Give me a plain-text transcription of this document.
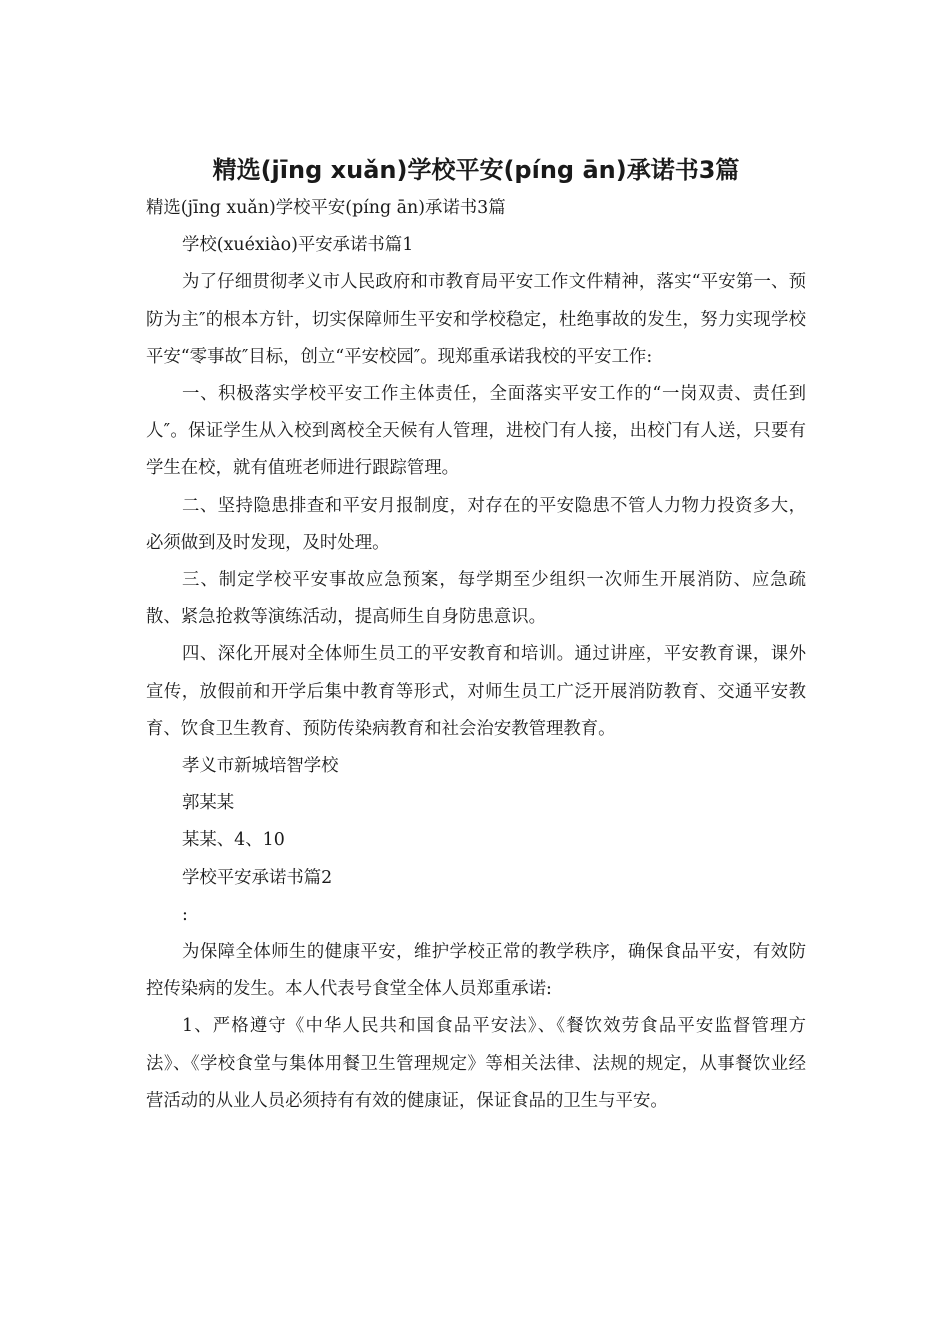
精选(jīng xuǎn)学校平安(píng ān)承诺书3篇

精选(jīng xuǎn)学校平安(píng ān)承诺书3篇

学校(xuéxiào)平安承诺书篇1

为了仔细贯彻孝义市人民政府和市教育局平安工作文件精神，落实“平安第一、预防为主″的根本方针，切实保障师生平安和学校稳定，杜绝事故的发生，努力实现学校平安“零事故″目标，创立“平安校园″。现郑重承诺我校的平安工作:

一、积极落实学校平安工作主体责任，全面落实平安工作的“一岗双责、责任到人″。保证学生从入校到离校全天候有人管理，进校门有人接，出校门有人送，只要有学生在校，就有值班老师进行跟踪管理。

二、坚持隐患排查和平安月报制度，对存在的平安隐患不管人力物力投资多大，必须做到及时发现，及时处理。

三、制定学校平安事故应急预案，每学期至少组织一次师生开展消防、应急疏散、紧急抢救等演练活动，提高师生自身防患意识。

四、深化开展对全体师生员工的平安教育和培训。通过讲座，平安教育课，课外宣传，放假前和开学后集中教育等形式，对师生员工广泛开展消防教育、交通平安教育、饮食卫生教育、预防传染病教育和社会治安教管理教育。

孝义市新城培智学校

郭某某

某某、4、10

学校平安承诺书篇2

:

为保障全体师生的健康平安，维护学校正常的教学秩序，确保食品平安，有效防控传染病的发生。本人代表号食堂全体人员郑重承诺:

1、严格遵守《中华人民共和国食品平安法》、《餐饮效劳食品平安监督管理方法》、《学校食堂与集体用餐卫生管理规定》等相关法律、法规的规定，从事餐饮业经营活动的从业人员必须持有有效的健康证，保证食品的卫生与平安。
